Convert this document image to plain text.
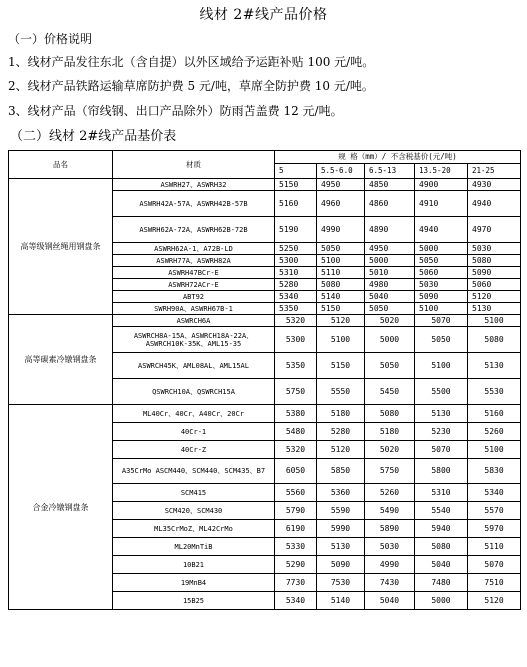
线材 2#线产品价格
（一）价格说明
1、线材产品发往东北（含自提）以外区域给予运距补贴 100 元/吨。
2、线材产品铁路运输草席防护费 5 元/吨，草席全防护费 10 元/吨。
3、线材产品（帘线钢、出口产品除外）防雨苫盖费 12 元/吨。
（二）线材 2#线产品基价表
品名	材质	规 格（mm）/ 不含税基价(元/吨)				
		5	5.5-6.0	6.5-13	13.5-20	21-25
高等级钢丝绳用钢盘条	ASWRH27、ASWRH32	5150	4950	4850	4900	4930
	ASWRH42A-57A、ASWRH42B-57B	5160	4960	4860	4910	4940
	ASWRH62A-72A、ASWRH62B-72B	5190	4990	4890	4940	4970
	ASWRH62A-1、A72B-LD	5250	5050	4950	5000	5030
	ASWRH77A、ASWRH82A	5300	5100	5000	5050	5080
	ASWRH47BCr-E	5310	5110	5010	5060	5090
	ASWRH72ACr-E	5280	5080	4980	5030	5060
	ABT92	5340	5140	5040	5090	5120
	SWRH90A、ASWRH67B-1	5350	5150	5050	5100	5130
高等碳素冷镦钢盘条	ASWRCH6A	5320	5120	5020	5070	5100
	ASWRCH8A-15A、ASWRCH18A-22A、ASWRCH10K-35K、AML15-35	5300	5100	5000	5050	5080
	ASWRCH45K、AML08AL、AML15AL	5350	5150	5050	5100	5130
	QSWRCH10A、QSWRCH15A	5750	5550	5450	5500	5530
合金冷镦钢盘条	ML40Cr、40Cr、A40Cr、20Cr	5380	5180	5080	5130	5160
	40Cr-1	5480	5280	5180	5230	5260
	40Cr-Z	5320	5120	5020	5070	5100
	A35CrMo ASCM440、SCM440、SCM435、B7	6050	5850	5750	5800	5830
	SCM415	5560	5360	5260	5310	5340
	SCM420、SCM430	5790	5590	5490	5540	5570
	ML35CrMoZ、ML42CrMo	6190	5990	5890	5940	5970
	ML20MnTiB	5330	5130	5030	5080	5110
	10B21	5290	5090	4990	5040	5070
	19MnB4	7730	7530	7430	7480	7510
	15B25	5340	5140	5040	5000	5120
